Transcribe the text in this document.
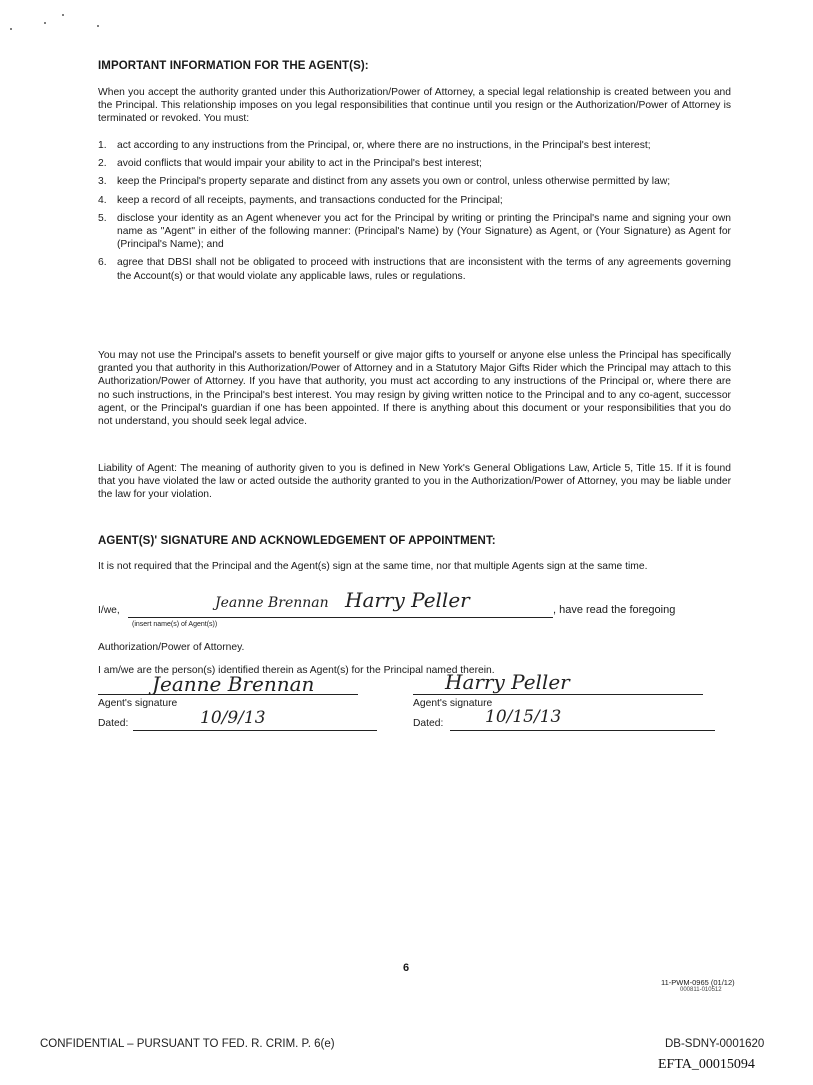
IMPORTANT INFORMATION FOR THE AGENT(S):
When you accept the authority granted under this Authorization/Power of Attorney, a special legal relationship is created between you and the Principal. This relationship imposes on you legal responsibilities that continue until you resign or the Authorization/Power of Attorney is terminated or revoked. You must:
1. act according to any instructions from the Principal, or, where there are no instructions, in the Principal's best interest;
2. avoid conflicts that would impair your ability to act in the Principal's best interest;
3. keep the Principal's property separate and distinct from any assets you own or control, unless otherwise permitted by law;
4. keep a record of all receipts, payments, and transactions conducted for the Principal;
5. disclose your identity as an Agent whenever you act for the Principal by writing or printing the Principal's name and signing your own name as "Agent" in either of the following manner: (Principal's Name) by (Your Signature) as Agent, or (Your Signature) as Agent for (Principal's Name); and
6. agree that DBSI shall not be obligated to proceed with instructions that are inconsistent with the terms of any agreements governing the Account(s) or that would violate any applicable laws, rules or regulations.
You may not use the Principal's assets to benefit yourself or give major gifts to yourself or anyone else unless the Principal has specifically granted you that authority in this Authorization/Power of Attorney and in a Statutory Major Gifts Rider which the Principal may attach to this Authorization/Power of Attorney. If you have that authority, you must act according to any instructions of the Principal or, where there are no such instructions, in the Principal's best interest. You may resign by giving written notice to the Principal and to any co-agent, successor agent, or the Principal's guardian if one has been appointed. If there is anything about this document or your responsibilities that you do not understand, you should seek legal advice.
Liability of Agent: The meaning of authority given to you is defined in New York's General Obligations Law, Article 5, Title 15. If it is found that you have violated the law or acted outside the authority granted to you in the Authorization/Power of Attorney, you may be liable under the law for your violation.
AGENT(S)' SIGNATURE AND ACKNOWLEDGEMENT OF APPOINTMENT:
It is not required that the Principal and the Agent(s) sign at the same time, nor that multiple Agents sign at the same time.
I/we,	Jeanne Brennan Harry Peller	, have read the foregoing
(insert name(s) of Agent(s))
Authorization/Power of Attorney.
I am/we are the person(s) identified therein as Agent(s) for the Principal named therein.
Jeanne Brennan
Agent's signature
Dated:	10/9/13
Harry Peller
Agent's signature
Dated: 10/15/13
6
11-PWM-0965 (01/12)
000811-010512
CONFIDENTIAL – PURSUANT TO FED. R. CRIM. P. 6(e)	DB-SDNY-0001620
EFTA_00015094
